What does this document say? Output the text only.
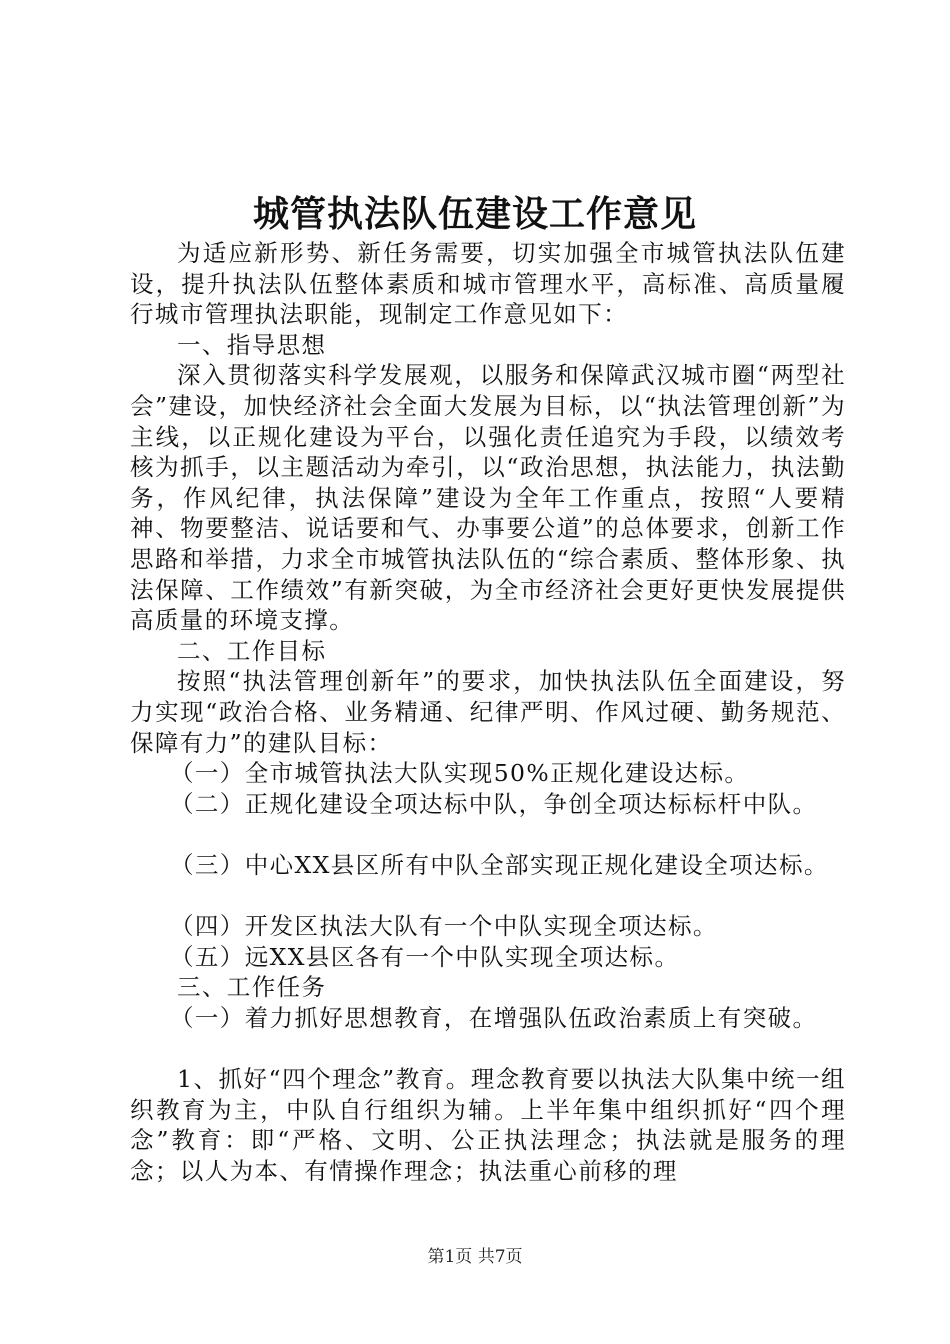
城管执法队伍建设工作意见

为适应新形势、新任务需要，切实加强全市城管执法队伍建设，提升执法队伍整体素质和城市管理水平，高标准、高质量履行城市管理执法职能，现制定工作意见如下：

一、指导思想

深入贯彻落实科学发展观，以服务和保障武汉城市圈“两型社会”建设，加快经济社会全面大发展为目标，以“执法管理创新”为主线，以正规化建设为平台，以强化责任追究为手段，以绩效考核为抓手，以主题活动为牵引，以“政治思想，执法能力，执法勤务，作风纪律，执法保障”建设为全年工作重点，按照“人要精神、物要整洁、说话要和气、办事要公道”的总体要求，创新工作思路和举措，力求全市城管执法队伍的“综合素质、整体形象、执法保障、工作绩效”有新突破，为全市经济社会更好更快发展提供高质量的环境支撑。

二、工作目标

按照“执法管理创新年”的要求，加快执法队伍全面建设，努力实现“政治合格、业务精通、纪律严明、作风过硬、勤务规范、保障有力”的建队目标：

（一）全市城管执法大队实现50%正规化建设达标。

（二）正规化建设全项达标中队，争创全项达标标杆中队。

（三）中心XX县区所有中队全部实现正规化建设全项达标。

（四）开发区执法大队有一个中队实现全项达标。

（五）远XX县区各有一个中队实现全项达标。

三、工作任务

（一）着力抓好思想教育，在增强队伍政治素质上有突破。

1、抓好“四个理念”教育。理念教育要以执法大队集中统一组织教育为主，中队自行组织为辅。上半年集中组织抓好“四个理念”教育：即“严格、文明、公正执法理念；执法就是服务的理念；以人为本、有情操作理念；执法重心前移的理

第1页 共7页
